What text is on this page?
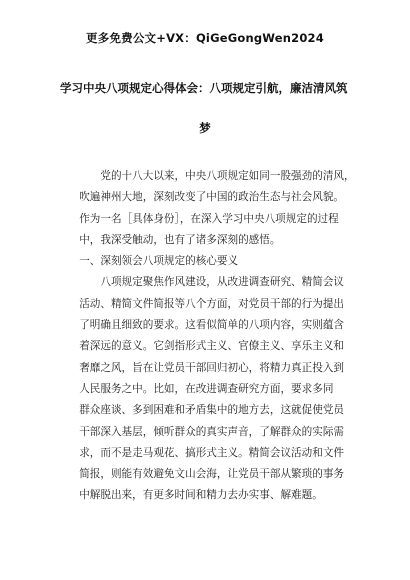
更多免费公文+VX：QiGeGongWen2024
学习中央八项规定心得体会：八项规定引航，廉洁清风筑
梦
党的十八大以来，中央八项规定如同一股强劲的清风，
吹遍神州大地，深刻改变了中国的政治生态与社会风貌。
作为一名［具体身份］，在深入学习中央八项规定的过程
中，我深受触动，也有了诸多深刻的感悟。
一、深刻领会八项规定的核心要义
八项规定聚焦作风建设，从改进调查研究、精简会议
活动、精简文件简报等八个方面，对党员干部的行为提出
了明确且细致的要求。这看似简单的八项内容，实则蕴含
着深远的意义。它剑指形式主义、官僚主义、享乐主义和
奢靡之风，旨在让党员干部回归初心，将精力真正投入到
人民服务之中。比如，在改进调查研究方面，要求多同
群众座谈、多到困难和矛盾集中的地方去，这就促使党员
干部深入基层，倾听群众的真实声音，了解群众的实际需
求，而不是走马观花、搞形式主义。精简会议活动和文件
简报，则能有效避免文山会海，让党员干部从繁琐的事务
中解脱出来，有更多时间和精力去办实事、解难题。
